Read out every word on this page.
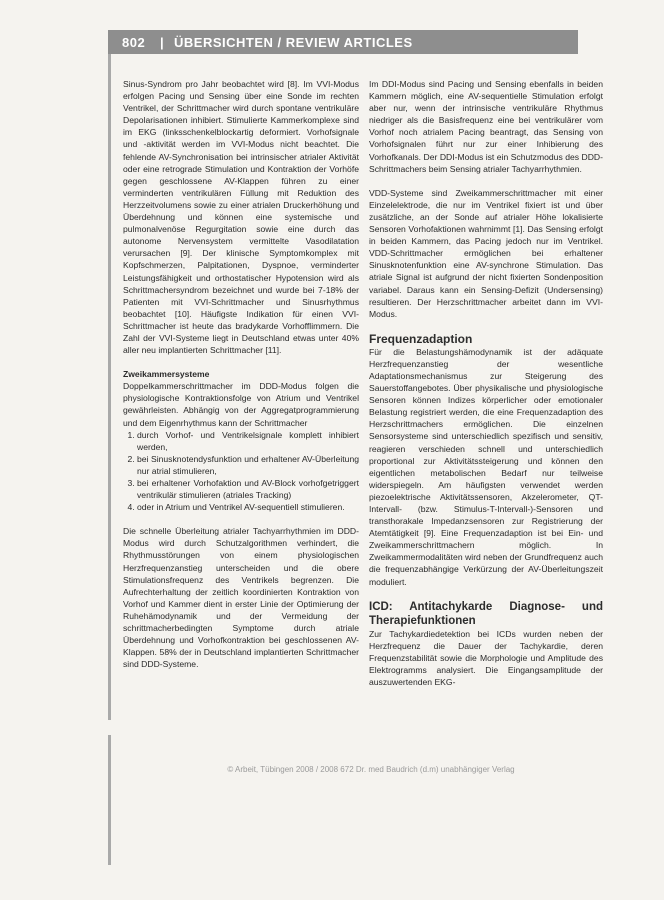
802 | ÜBERSICHTEN / REVIEW ARTICLES

Sinus-Syndrom pro Jahr beobachtet wird [8]. Im VVI-Modus erfolgen Pacing und Sensing über eine Sonde im rechten Ventrikel, der Schrittmacher wird durch spontane ventrikuläre Depolarisationen inhibiert. Stimulierte Kammerkomplexe sind im EKG (linksschenkelblockartig deformiert. Vorhofsignale und -aktivität werden im VVI-Modus nicht beachtet. Die fehlende AV-Synchronisation bei intrinsischer atrialer Aktivität oder eine retrograde Stimulation und Kontraktion der Vorhöfe gegen geschlossene AV-Klappen führen zu einer verminderten ventrikulären Füllung mit Reduktion des Herzzeitvolumens sowie zu einer atrialen Druckerhöhung und Überdehnung und können eine systemische und pulmonalvenöse Regurgitation sowie eine durch das autonome Nervensystem vermittelte Vasodilatation verursachen [9]. Der klinische Symptomkomplex mit Kopfschmerzen, Palpitationen, Dyspnoe, verminderter Leistungsfähigkeit und orthostatischer Hypotension wird als Schrittmachersyndrom bezeichnet und wurde bei 7-18% der Patienten mit VVI-Schrittmacher und Sinusrhythmus beobachtet [10]. Häufigste Indikation für einen VVI-Schrittmacher ist heute das bradykarde Vorhofflimmern. Die Zahl der VVI-Systeme liegt in Deutschland etwas unter 40% aller neu implantierten Schrittmacher [11].

Zweikammersysteme

Doppelkammerschrittmacher im DDD-Modus folgen die physiologische Kontraktionsfolge von Atrium und Ventrikel gewährleisten. Abhängig von der Aggregatprogrammierung und dem Eigenrhythmus kann der Schrittmacher

1. durch Vorhof- und Ventrikelsignale komplett inhibiert werden,
2. bei Sinusknotendysfunktion und erhaltener AV-Überleitung nur atrial stimulieren,
3. bei erhaltener Vorhofaktion und AV-Block vorhofgetriggert ventrikulär stimulieren (atriales Tracking)
4. oder in Atrium und Ventrikel AV-sequentiell stimulieren.

Die schnelle Überleitung atrialer Tachyarrhythmien im DDD-Modus wird durch Schutzalgorithmen verhindert, die Rhythmusstörungen von einem physiologischen Herzfrequenzanstieg unterscheiden und die obere Stimulationsfrequenz des Ventrikels begrenzen. Die Aufrechterhaltung der zeitlich koordinierten Kontraktion von Vorhof und Kammer dient in erster Linie der Optimierung der Ruhehämodynamik und der Vermeidung der schrittmacherbedingten Symptome durch atriale Überdehnung und Vorhofkontraktion bei geschlossenen AV-Klappen. 58% der in Deutschland implantierten Schrittmacher sind DDD-Systeme.

Im DDI-Modus sind Pacing und Sensing ebenfalls in beiden Kammern möglich, eine AV-sequentielle Stimulation erfolgt aber nur, wenn der intrinsische ventrikuläre Rhythmus niedriger als die Basisfrequenz eine bei ventrikulärer vom Vorhof noch atrialem Pacing beantragt, das Sensing von Vorhofsignalen führt nur zur einer Inhibierung des Vorhofkanals. Der DDI-Modus ist ein Schutzmodus des DDD-Schrittmachers beim Sensing atrialer Tachyarrhythmien.

VDD-Systeme sind Zweikammerschrittmacher mit einer Einzelelektrode, die nur im Ventrikel fixiert ist und über zusätzliche, an der Sonde auf atrialer Höhe lokalisierte Sensoren Vorhofaktionen wahrnimmt [1]. Das Sensing erfolgt in beiden Kammern, das Pacing jedoch nur im Ventrikel. VDD-Schrittmacher ermöglichen bei erhaltener Sinusknotenfunktion eine AV-synchrone Stimulation. Das atriale Signal ist aufgrund der nicht fixierten Sondenposition variabel. Daraus kann ein Sensing-Defizit (Undersensing) resultieren. Der Herzschrittmacher arbeitet dann im VVI-Modus.

Frequenzadaption

Für die Belastungshämodynamik ist der adäquate Herzfrequenzanstieg der wesentliche Adaptationsmechanismus zur Steigerung des Sauerstoffangebotes. Über physikalische und physiologische Sensoren können Indizes körperlicher oder emotionaler Belastung registriert werden, die eine Frequenzadaption des Herzschrittmachers ermöglichen. Die einzelnen Sensorsysteme sind unterschiedlich spezifisch und sensitiv, reagieren verschieden schnell und unterschiedlich proportional zur Aktivitätssteigerung und können den eigentlichen metabolischen Bedarf nur teilweise widerspiegeln. Am häufigsten verwendet werden piezoelektrische Aktivitätssensoren, Akzelerometer, QT-Intervall- (bzw. Stimulus-T-Intervall-)-Sensoren und transthorakale Impedanzsensoren zur Registrierung der Atemtätigkeit [9]. Eine Frequenzadaption ist bei Ein- und Zweikammerschrittmachern möglich. In Zweikammermodalitäten wird neben der Grundfrequenz auch die frequenzabhängige Verkürzung der AV-Überleitungszeit moduliert.

ICD: Antitachykarde Diagnose- und Therapiefunktionen

Zur Tachykardiedetektion bei ICDs wurden neben der Herzfrequenz die Dauer der Tachykardie, deren Frequenzstabilität sowie die Morphologie und Amplitude des Elektrogramms analysiert. Die Eingangsamplitude der auszuwertenden EKG-

© Arbeit, Tübingen 2008 / 2008 672 Dr. med Baudrich (d.m) unabhängiger Verlag
